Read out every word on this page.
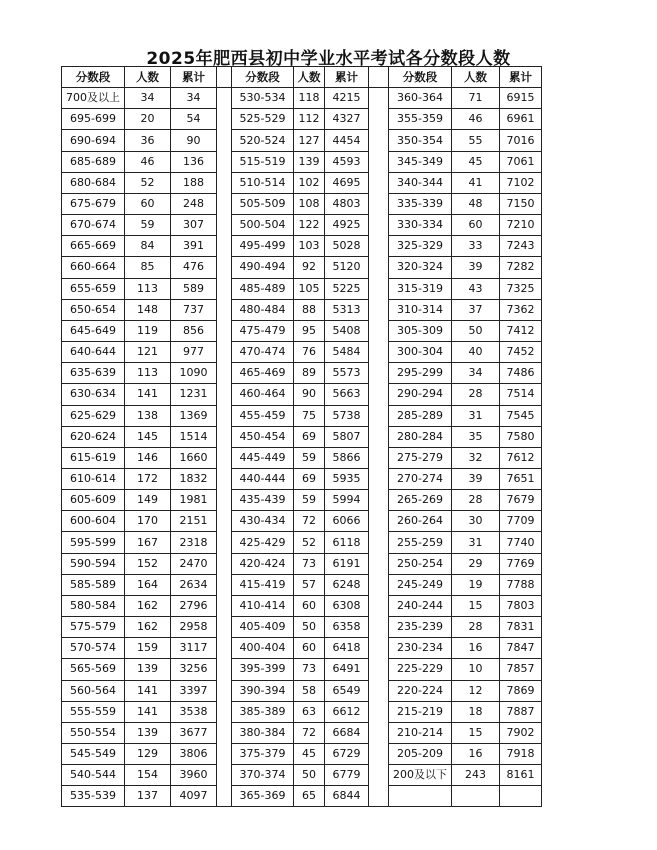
2025年肥西县初中学业水平考试各分数段人数
分数段	人数	累计		分数段	人数	累计		分数段	人数	累计
700及以上	34	34		530-534	118	4215		360-364	71	6915
695-699	20	54		525-529	112	4327		355-359	46	6961
690-694	36	90		520-524	127	4454		350-354	55	7016
685-689	46	136		515-519	139	4593		345-349	45	7061
680-684	52	188		510-514	102	4695		340-344	41	7102
675-679	60	248		505-509	108	4803		335-339	48	7150
670-674	59	307		500-504	122	4925		330-334	60	7210
665-669	84	391		495-499	103	5028		325-329	33	7243
660-664	85	476		490-494	92	5120		320-324	39	7282
655-659	113	589		485-489	105	5225		315-319	43	7325
650-654	148	737		480-484	88	5313		310-314	37	7362
645-649	119	856		475-479	95	5408		305-309	50	7412
640-644	121	977		470-474	76	5484		300-304	40	7452
635-639	113	1090		465-469	89	5573		295-299	34	7486
630-634	141	1231		460-464	90	5663		290-294	28	7514
625-629	138	1369		455-459	75	5738		285-289	31	7545
620-624	145	1514		450-454	69	5807		280-284	35	7580
615-619	146	1660		445-449	59	5866		275-279	32	7612
610-614	172	1832		440-444	69	5935		270-274	39	7651
605-609	149	1981		435-439	59	5994		265-269	28	7679
600-604	170	2151		430-434	72	6066		260-264	30	7709
595-599	167	2318		425-429	52	6118		255-259	31	7740
590-594	152	2470		420-424	73	6191		250-254	29	7769
585-589	164	2634		415-419	57	6248		245-249	19	7788
580-584	162	2796		410-414	60	6308		240-244	15	7803
575-579	162	2958		405-409	50	6358		235-239	28	7831
570-574	159	3117		400-404	60	6418		230-234	16	7847
565-569	139	3256		395-399	73	6491		225-229	10	7857
560-564	141	3397		390-394	58	6549		220-224	12	7869
555-559	141	3538		385-389	63	6612		215-219	18	7887
550-554	139	3677		380-384	72	6684		210-214	15	7902
545-549	129	3806		375-379	45	6729		205-209	16	7918
540-544	154	3960		370-374	50	6779		200及以下	243	8161
535-539	137	4097		365-369	65	6844				
